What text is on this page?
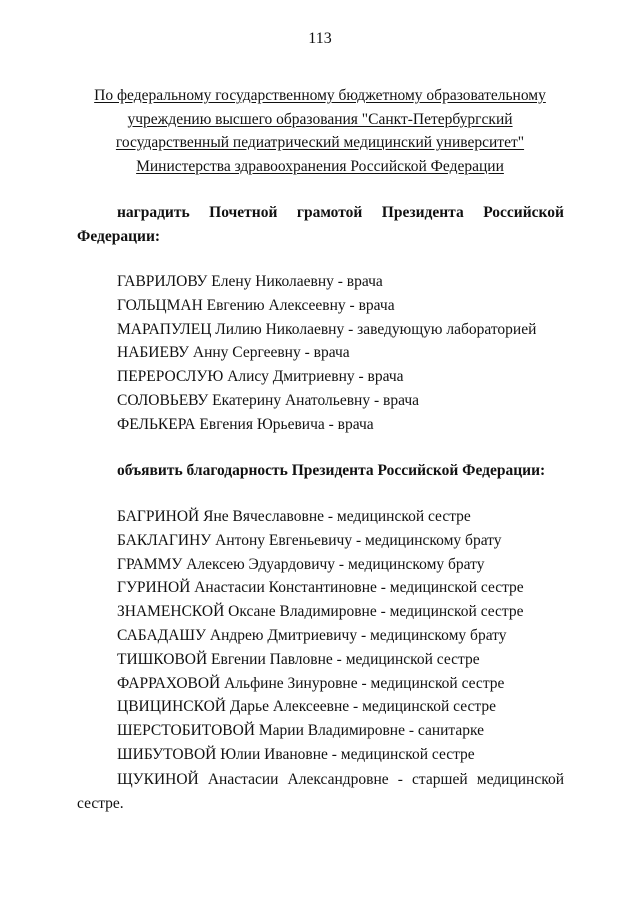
113
По федеральному государственному бюджетному образовательному
учреждению высшего образования "Санкт-Петербургский
государственный педиатрический медицинский университет"
Министерства здравоохранения Российской Федерации
наградить Почетной грамотой Президента Российской
Федерации:
ГАВРИЛОВУ Елену Николаевну - врача
ГОЛЬЦМАН Евгению Алексеевну - врача
МАРАПУЛЕЦ Лилию Николаевну - заведующую лабораторией
НАБИЕВУ Анну Сергеевну - врача
ПЕРЕРОСЛУЮ Алису Дмитриевну - врача
СОЛОВЬЕВУ Екатерину Анатольевну - врача
ФЕЛЬКЕРА Евгения Юрьевича - врача
объявить благодарность Президента Российской Федерации:
БАГРИНОЙ Яне Вячеславовне - медицинской сестре
БАКЛАГИНУ Антону Евгеньевичу - медицинскому брату
ГРАММУ Алексею Эдуардовичу - медицинскому брату
ГУРИНОЙ Анастасии Константиновне - медицинской сестре
ЗНАМЕНСКОЙ Оксане Владимировне - медицинской сестре
САБАДАШУ Андрею Дмитриевичу - медицинскому брату
ТИШКОВОЙ Евгении Павловне - медицинской сестре
ФАРРАХОВОЙ Альфине Зинуровне - медицинской сестре
ЦВИЦИНСКОЙ Дарье Алексеевне - медицинской сестре
ШЕРСТОБИТОВОЙ Марии Владимировне - санитарке
ШИБУТОВОЙ Юлии Ивановне - медицинской сестре
ЩУКИНОЙ Анастасии Александровне - старшей медицинской
сестре.
